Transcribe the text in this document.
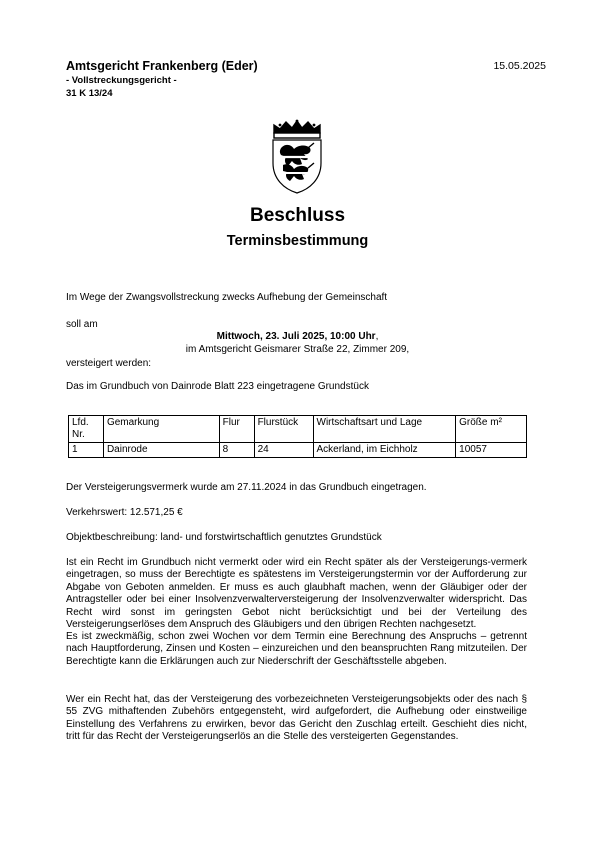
Amtsgericht Frankenberg (Eder)
- Vollstreckungsgericht -
31 K 13/24
15.05.2025
Beschluss
Terminsbestimmung
Im Wege der Zwangsvollstreckung zwecks Aufhebung der Gemeinschaft
soll am
Mittwoch, 23. Juli 2025, 10:00 Uhr,
im Amtsgericht Geismarer Straße 22, Zimmer 209,
versteigert werden:
Das im Grundbuch von Dainrode Blatt 223 eingetragene Grundstück
Lfd. Nr.	Gemarkung	Flur	Flurstück	Wirtschaftsart und Lage	Größe m²
1	Dainrode	8	24	Ackerland, im Eichholz	10057
Der Versteigerungsvermerk wurde am 27.11.2024 in das Grundbuch eingetragen.
Verkehrswert: 12.571,25 €
Objektbeschreibung: land- und forstwirtschaftlich genutztes Grundstück
Ist ein Recht im Grundbuch nicht vermerkt oder wird ein Recht später als der Versteigerungs-vermerk eingetragen, so muss der Berechtigte es spätestens im Versteigerungstermin vor der Aufforderung zur Abgabe von Geboten anmelden. Er muss es auch glaubhaft machen, wenn der Gläubiger oder der Antragsteller oder bei einer Insolvenzverwalterversteigerung der Insolvenzverwalter widerspricht. Das Recht wird sonst im geringsten Gebot nicht berücksichtigt und bei der Verteilung des Versteigerungserlöses dem Anspruch des Gläubigers und den übrigen Rechten nachgesetzt.
Es ist zweckmäßig, schon zwei Wochen vor dem Termin eine Berechnung des Anspruchs – getrennt nach Hauptforderung, Zinsen und Kosten – einzureichen und den beanspruchten Rang mitzuteilen. Der Berechtigte kann die Erklärungen auch zur Niederschrift der Geschäftsstelle abgeben.
Wer ein Recht hat, das der Versteigerung des vorbezeichneten Versteigerungsobjekts oder des nach § 55 ZVG mithaftenden Zubehörs entgegensteht, wird aufgefordert, die Aufhebung oder einstweilige Einstellung des Verfahrens zu erwirken, bevor das Gericht den Zuschlag erteilt. Geschieht dies nicht, tritt für das Recht der Versteigerungserlös an die Stelle des versteigerten Gegenstandes.
